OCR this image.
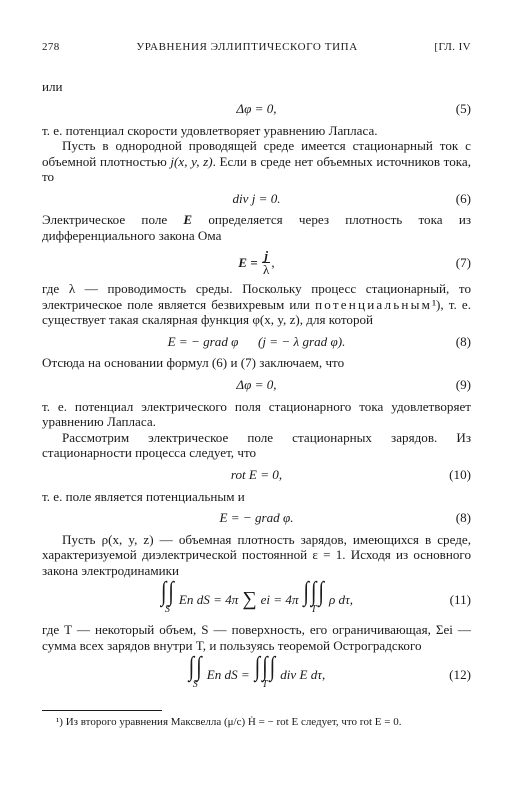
278	УРАВНЕНИЯ ЭЛЛИПТИЧЕСКОГО ТИПА	[ГЛ. IV

или

Δφ = 0,	(5)

т. е. потенциал скорости удовлетворяет уравнению Лапласа.

Пусть в однородной проводящей среде имеется стационарный ток с объемной плотностью j(x, y, z). Если в среде нет объемных источников тока, то

div j = 0.	(6)

Электрическое поле E определяется через плотность тока из дифференциального закона Ома

E =
$\frac{j}{\lambda}$ ,	(7)

где λ — проводимость среды. Поскольку процесс стационарный, то электрическое поле является безвихревым или потенциальным¹), т. е. существует такая скалярная функция φ(x, y, z), для которой

E = − grad φ      (j = − λ grad φ).	(8)

Отсюда на основании формул (6) и (7) заключаем, что

Δφ = 0,	(9)

т. е. потенциал электрического поля стационарного тока удовлетворяет уравнению Лапласа.

Рассмотрим электрическое поле стационарных зарядов. Из стационарности процесса следует, что

rot E = 0,	(10)

т. е. поле является потенциальным и

E = − grad φ.	(8)

Пусть ρ(x, y, z) — объемная плотность зарядов, имеющихся в среде, характеризуемой диэлектрической постоянной ε = 1. Исходя из основного закона электродинамики

∫ ∫
S
En dS = 4π ∑ ei = 4π ∫ ∫ ∫
T
ρ dτ,	(11)

где T — некоторый объем, S — поверхность, его ограничивающая, Σei — сумма всех зарядов внутри T, и пользуясь теоремой Остроградского

∫ ∫
S
En dS = ∫ ∫ ∫
T
div E dτ,	(12)

¹) Из второго уравнения Максвелла (μ/c) Ḣ = − rot E следует, что rot E = 0.
